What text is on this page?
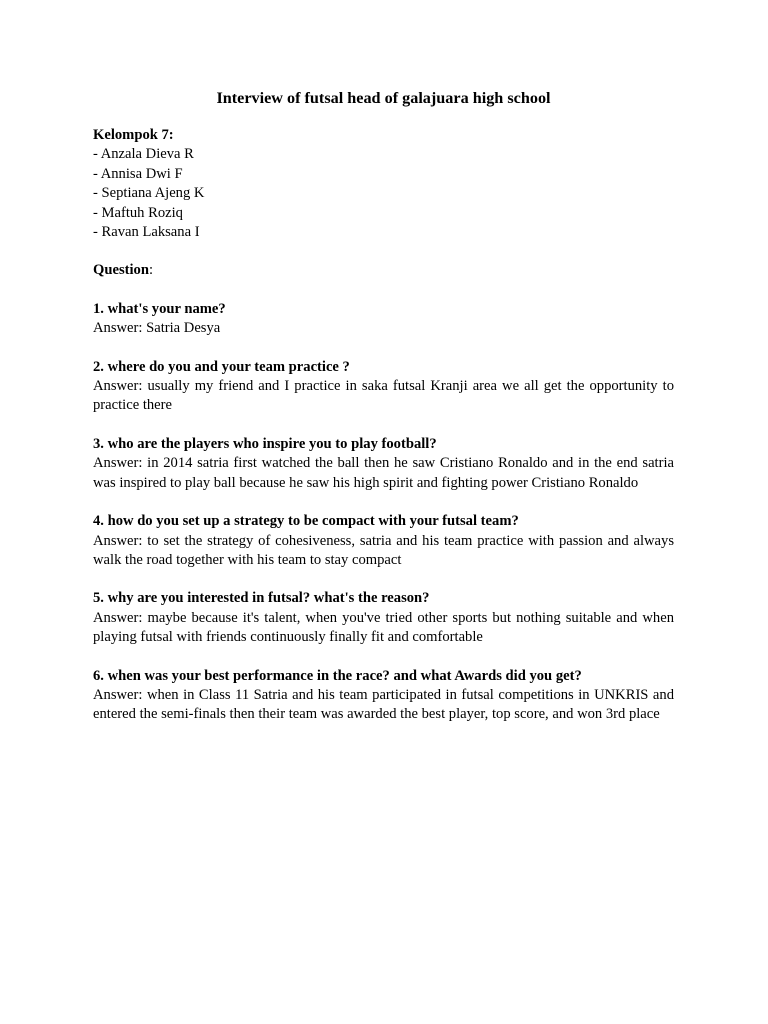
Interview of futsal head of galajuara high school
Kelompok 7:
- Anzala Dieva R
- Annisa Dwi F
- Septiana Ajeng K
- Maftuh Roziq
- Ravan Laksana I
Question:

1. what's your name?

Answer: Satria Desya

2. where do you and your team practice ?

Answer: usually my friend and I practice in saka futsal Kranji area we all get the opportunity to practice there

3. who are the players who inspire you to play football?

Answer: in 2014 satria first watched the ball then he saw Cristiano Ronaldo and in the end satria was inspired to play ball because he saw his high spirit and fighting power Cristiano Ronaldo

4. how do you set up a strategy to be compact with your futsal team?

Answer: to set the strategy of cohesiveness, satria and his team practice with passion and always walk the road together with his team to stay compact

5. why are you interested in futsal? what's the reason?

Answer: maybe because it's talent, when you've tried other sports but nothing suitable and when playing futsal with friends continuously finally fit and comfortable

6. when was your best performance in the race? and what Awards did you get?

Answer: when in Class 11 Satria and his team participated in futsal competitions in UNKRIS and entered the semi-finals then their team was awarded the best player, top score, and won 3rd place
